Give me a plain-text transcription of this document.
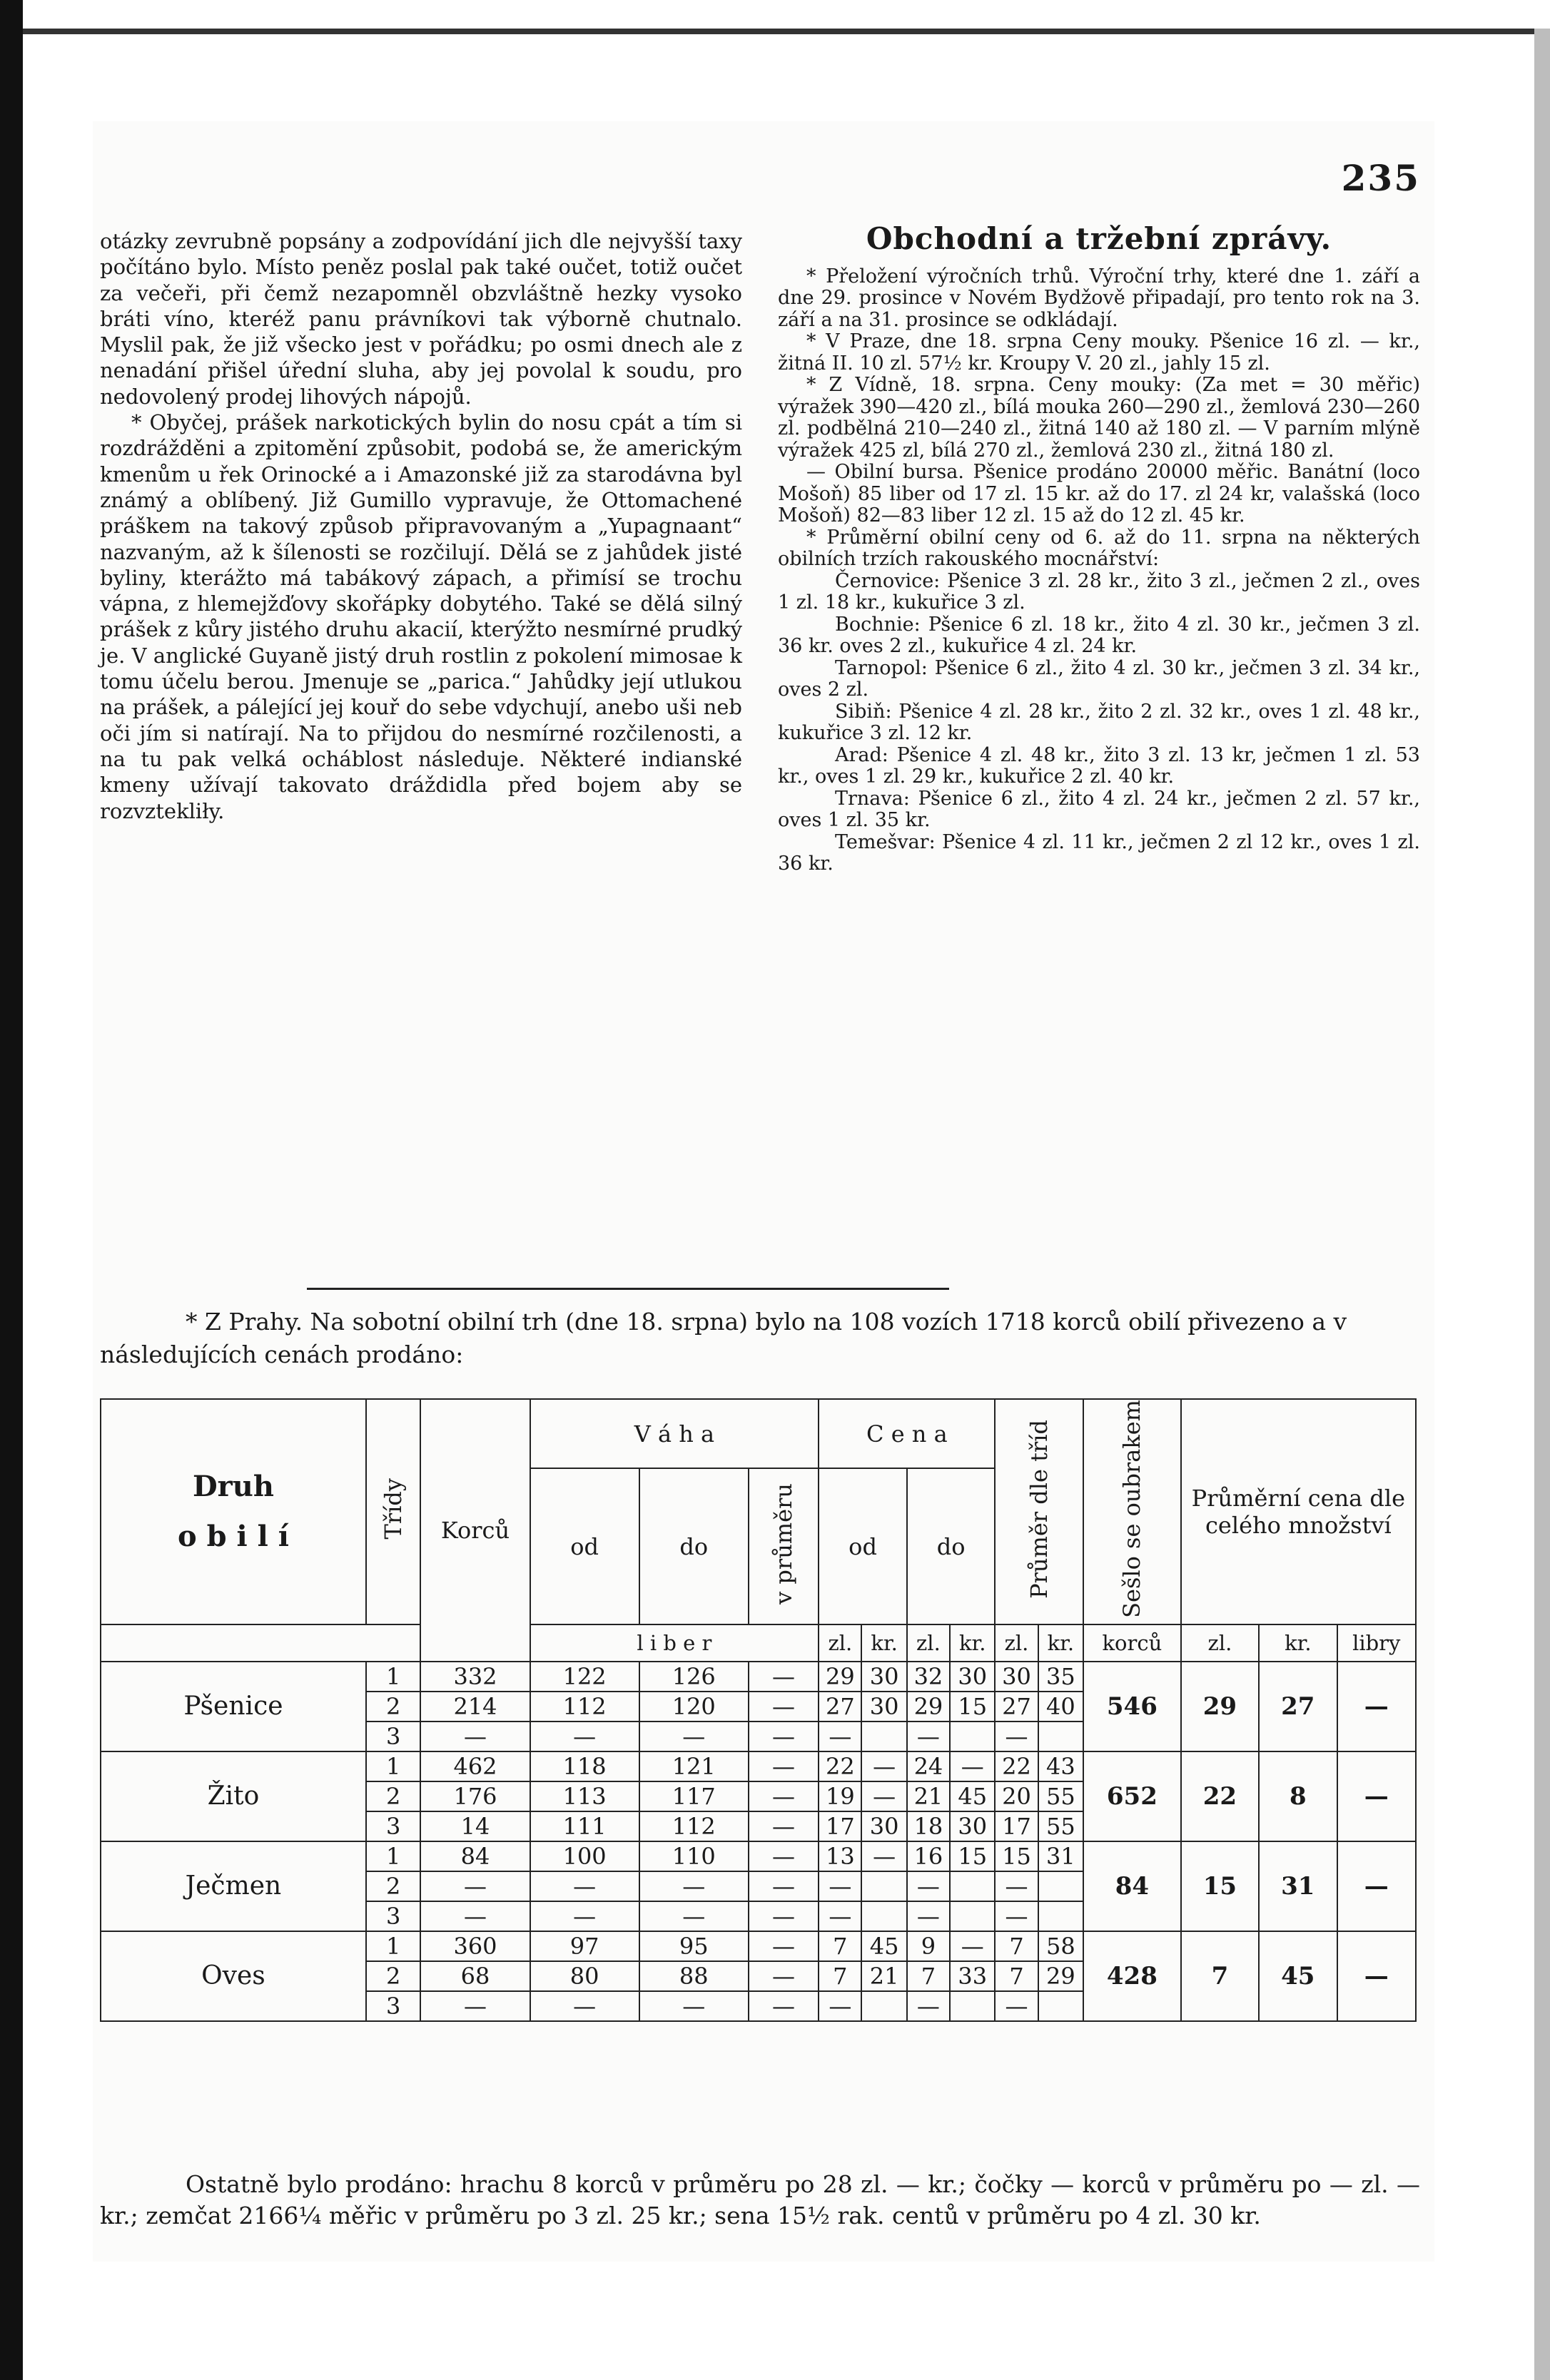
235

otázky zevrubně popsány a zodpovídání jich dle nejvyšší taxy počítáno bylo. Místo peněz poslal pak také oučet, totiž oučet za večeři, při čemž nezapomněl obzvláštně hezky vysoko bráti víno, kteréž panu právníkovi tak výborně chutnalo. Myslil pak, že již všecko jest v pořádku; po osmi dnech ale z nenadání přišel úřední sluha, aby jej povolal k soudu, pro nedovolený prodej lihových nápojů.

* Obyčej, prášek narkotických bylin do nosu cpát a tím si rozdrážděni a zpitomění způsobit, podobá se, že americkým kmenům u řek Orinocké a i Amazonské již za starodávna byl známý a oblíbený. Již Gumillo vypravuje, že Ottomachené práškem na takový způsob připravovaným a „Yupagnaant“ nazvaným, až k šílenosti se rozčilují. Dělá se z jahůdek jisté byliny, kterážto má tabákový zápach, a přimísí se trochu vápna, z hlemejžďovy skořápky dobytého. Také se dělá silný prášek z kůry jistého druhu akacií, kterýžto nesmírné prudký je. V anglické Guyaně jistý druh rostlin z pokolení mimosae k tomu účelu berou. Jmenuje se „parica.“ Jahůdky její utlukou na prášek, a pálející jej kouř do sebe vdychují, anebo uši neb oči jím si natírají. Na to přijdou do nesmírné rozčilenosti, a na tu pak velká ocháblost následuje. Některé indianské kmeny užívají takovato dráždidla před bojem aby se rozvztekliły.

Obchodní a tržební zprávy.

* Přeložení výročních trhů. Výroční trhy, které dne 1. září a dne 29. prosince v Novém Bydžově připadají, pro tento rok na 3. září a na 31. prosince se odkládají.

* V Praze, dne 18. srpna Ceny mouky. Pšenice 16 zl. — kr., žitná II. 10 zl. 57½ kr. Kroupy V. 20 zl., jahly 15 zl.

* Z Vídně, 18. srpna. Ceny mouky: (Za met = 30 měřic) výražek 390—420 zl., bílá mouka 260—290 zl., žemlová 230—260 zl. podbělná 210—240 zl., žitná 140 až 180 zl. — V parním mlýně výražek 425 zl, bílá 270 zl., žemlová 230 zl., žitná 180 zl.

— Obilní bursa. Pšenice prodáno 20000 měřic. Banátní (loco Mošoň) 85 liber od 17 zl. 15 kr. až do 17. zl 24 kr, valašská (loco Mošoň) 82—83 liber 12 zl. 15 až do 12 zl. 45 kr.

* Průměrní obilní ceny od 6. až do 11. srpna na některých obilních trzích rakouského mocnářství:

Černovice: Pšenice 3 zl. 28 kr., žito 3 zl., ječmen 2 zl., oves 1 zl. 18 kr., kukuřice 3 zl.

Bochnie: Pšenice 6 zl. 18 kr., žito 4 zl. 30 kr., ječmen 3 zl. 36 kr. oves 2 zl., kukuřice 4 zl. 24 kr.

Tarnopol: Pšenice 6 zl., žito 4 zl. 30 kr., ječmen 3 zl. 34 kr., oves 2 zl.

Sibiň: Pšenice 4 zl. 28 kr., žito 2 zl. 32 kr., oves 1 zl. 48 kr., kukuřice 3 zl. 12 kr.

Arad: Pšenice 4 zl. 48 kr., žito 3 zl. 13 kr, ječmen 1 zl. 53 kr., oves 1 zl. 29 kr., kukuřice 2 zl. 40 kr.

Trnava: Pšenice 6 zl., žito 4 zl. 24 kr., ječmen 2 zl. 57 kr., oves 1 zl. 35 kr.

Temešvar: Pšenice 4 zl. 11 kr., ječmen 2 zl 12 kr., oves 1 zl. 36 kr.

* Z Prahy. Na sobotní obilní trh (dne 18. srpna) bylo na 108 vozích 1718 korců obilí přivezeno a v následujících cenách prodáno:
Druh
o b i l í	Třídy	Korců	V á h a			C e n a				Průměr dle tříd		Sešlo se oubrakem	Průměrní cena dle celého množství		
			od	do	v průměru	od		do							
			l i b e r			zl.	kr.	zl.	kr.	zl.	kr.	korců	zl.	kr.	libry
Pšenice	1	332	122	126	—	29	30	32	30	30	35	546	29	27	—
	2	214	112	120	—	27	30	29	15	27	40				
	3	—	—	—	—	—		—		—					
Žito	1	462	118	121	—	22	—	24	—	22	43	652	22	8	—
	2	176	113	117	—	19	—	21	45	20	55				
	3	14	111	112	—	17	30	18	30	17	55				
Ječmen	1	84	100	110	—	13	—	16	15	15	31	84	15	31	—
	2	—	—	—	—	—		—		—					
	3	—	—	—	—	—		—		—					
Oves	1	360	97	95	—	7	45	9	—	7	58	428	7	45	—
	2	68	80	88	—	7	21	7	33	7	29				
	3	—	—	—	—	—		—		—					
Ostatně bylo prodáno: hrachu 8 korců v průměru po 28 zl. — kr.; čočky — korců v průměru po — zl. — kr.; zemčat 2166¼ měřic v průměru po 3 zl. 25 kr.; sena 15½ rak. centů v průměru po 4 zl. 30 kr.
